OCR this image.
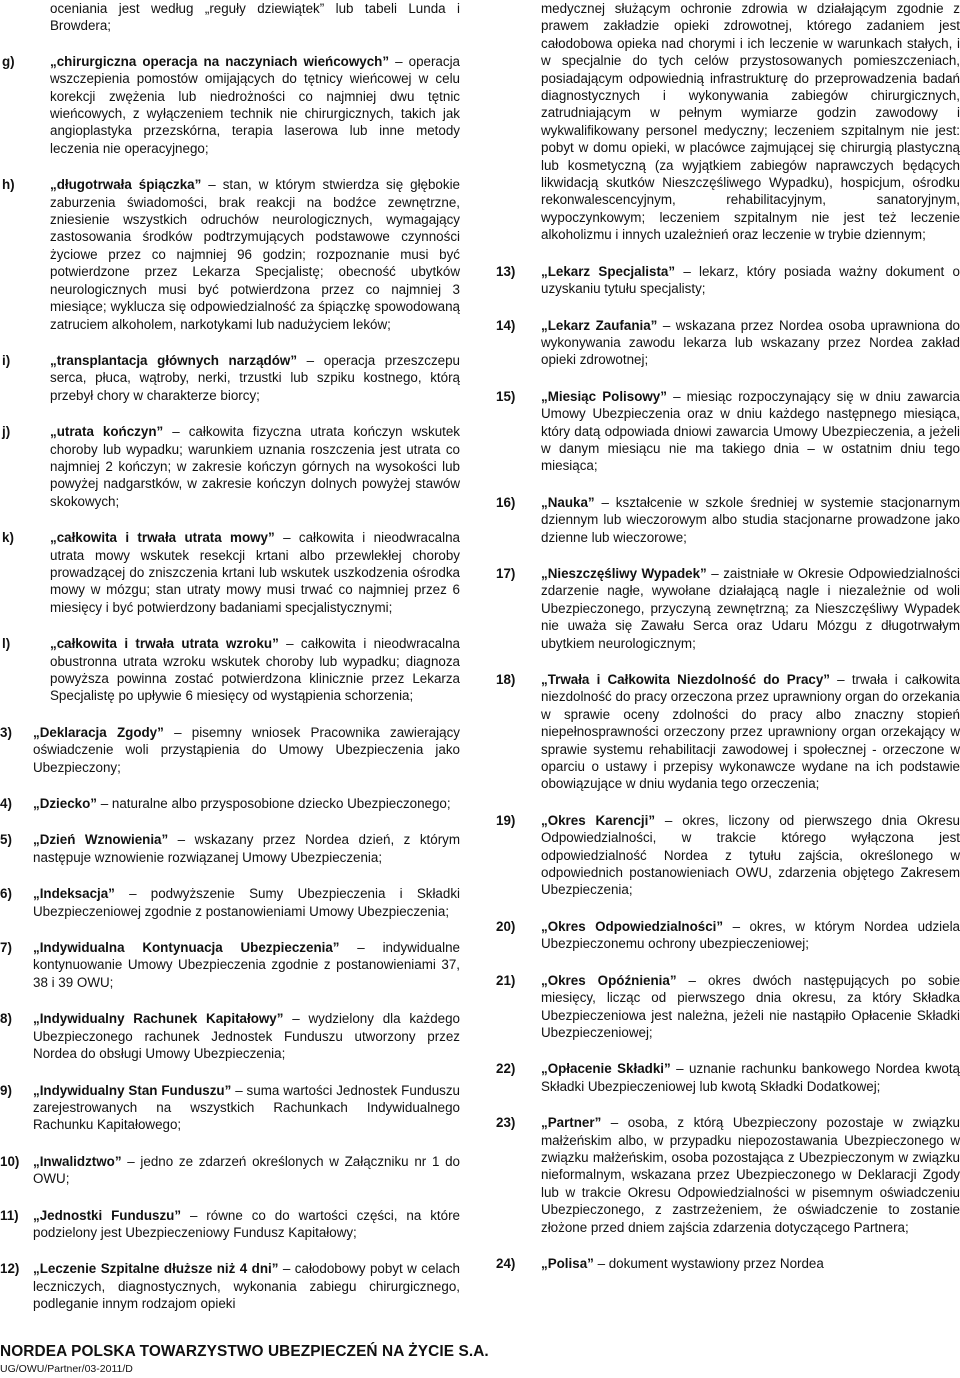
oceniania jest według „reguły dziewiątek” lub tabeli Lunda i Browdera;

g)	„chirurgiczna operacja na naczyniach wieńcowych” – operacja wszczepienia pomostów omijających do tętnicy wieńcowej w celu korekcji zwężenia lub niedrożności co najmniej dwu tętnic wieńcowych, z wyłączeniem technik nie chirurgicznych, takich jak angioplastyka przezskórna, terapia laserowa lub inne metody leczenia nie operacyjnego;

h)	„długotrwała śpiączka” – stan, w którym stwierdza się głębokie zaburzenia świadomości, brak reakcji na bodźce zewnętrzne, zniesienie wszystkich odruchów neurologicznych, wymagający zastosowania środków podtrzymujących podstawowe czynności życiowe przez co najmniej 96 godzin; rozpoznanie musi być potwierdzone przez Lekarza Specjalistę; obecność ubytków neurologicznych musi być potwierdzona przez co najmniej 3 miesiące; wyklucza się odpowiedzialność za śpiączkę spowodowaną zatruciem alkoholem, narkotykami lub nadużyciem leków;

i)	„transplantacja głównych narządów” – operacja przeszczepu serca, płuca, wątroby, nerki, trzustki lub szpiku kostnego, którą przebył chory w charakterze biorcy;

j)	„utrata kończyn” – całkowita fizyczna utrata kończyn wskutek choroby lub wypadku; warunkiem uznania roszczenia jest utrata co najmniej 2 kończyn; w zakresie kończyn górnych na wysokości lub powyżej nadgarstków, w zakresie kończyn dolnych powyżej stawów skokowych;

k)	„całkowita i trwała utrata mowy” – całkowita i nieodwracalna utrata mowy wskutek resekcji krtani albo przewlekłej choroby prowadzącej do zniszczenia krtani lub wskutek uszkodzenia ośrodka mowy w mózgu; stan utraty mowy musi trwać co najmniej przez 6 miesięcy i być potwierdzony badaniami specjalistycznymi;

l)	„całkowita i trwała utrata wzroku” – całkowita i nieodwracalna obustronna utrata wzroku wskutek choroby lub wypadku; diagnoza powyższa powinna zostać potwierdzona klinicznie przez Lekarza Specjalistę po upływie 6 miesięcy od wystąpienia schorzenia;

3) „Deklaracja Zgody” – pisemny wniosek Pracownika zawierający oświadczenie woli przystąpienia do Umowy Ubezpieczenia jako Ubezpieczony;

4) „Dziecko” – naturalne albo przysposobione dziecko Ubezpieczonego;

5) „Dzień Wznowienia” – wskazany przez Nordea dzień, z którym następuje wznowienie rozwiązanej Umowy Ubezpieczenia;

6) „Indeksacja” – podwyższenie Sumy Ubezpieczenia i Składki Ubezpieczeniowej zgodnie z postanowieniami Umowy Ubezpieczenia;

7) „Indywidualna Kontynuacja Ubezpieczenia” – indywidualne kontynuowanie Umowy Ubezpieczenia zgodnie z postanowieniami 37, 38 i 39 OWU;

8) „Indywidualny Rachunek Kapitałowy” – wydzielony dla każdego Ubezpieczonego rachunek Jednostek Funduszu utworzony przez Nordea do obsługi Umowy Ubezpieczenia;

9) „Indywidualny Stan Funduszu” – suma wartości Jednostek Funduszu zarejestrowanych na wszystkich Rachunkach Indywidualnego Rachunku Kapitałowego;

10) „Inwalidztwo” – jedno ze zdarzeń określonych w Załączniku nr 1 do OWU;

11) „Jednostki Funduszu” – równe co do wartości części, na które podzielony jest Ubezpieczeniowy Fundusz Kapitałowy;

12) „Leczenie Szpitalne dłuższe niż 4 dni” – całodobowy pobyt w celach leczniczych, diagnostycznych, wykonania zabiegu chirurgicznego, podleganie innym rodzajom opieki

medycznej służącym ochronie zdrowia w działającym zgodnie z prawem zakładzie opieki zdrowotnej, którego zadaniem jest całodobowa opieka nad chorymi i ich leczenie w warunkach stałych, i w specjalnie do tych celów przystosowanych pomieszczeniach, posiadającym odpowiednią infrastrukturę do przeprowadzenia badań diagnostycznych i wykonywania zabiegów chirurgicznych, zatrudniającym w pełnym wymiarze godzin zawodowy i wykwalifikowany personel medyczny; leczeniem szpitalnym nie jest: pobyt w domu opieki, w placówce zajmującej się chirurgią plastyczną lub kosmetyczną (za wyjątkiem zabiegów naprawczych będących likwidacją skutków Nieszczęśliwego Wypadku), hospicjum, ośrodku rekonwalescencyjnym, rehabilitacyjnym, sanatoryjnym, wypoczynkowym; leczeniem szpitalnym nie jest też leczenie alkoholizmu i innych uzależnień oraz leczenie w trybie dziennym;

13) „Lekarz Specjalista” – lekarz, który posiada ważny dokument o uzyskaniu tytułu specjalisty;

14) „Lekarz Zaufania” – wskazana przez Nordea osoba uprawniona do wykonywania zawodu lekarza lub wskazany przez Nordea zakład opieki zdrowotnej;

15) „Miesiąc Polisowy” – miesiąc rozpoczynający się w dniu zawarcia Umowy Ubezpieczenia oraz w dniu każdego następnego miesiąca, który datą odpowiada dniowi zawarcia Umowy Ubezpieczenia, a jeżeli w danym miesiącu nie ma takiego dnia – w ostatnim dniu tego miesiąca;

16) „Nauka” – kształcenie w szkole średniej w systemie stacjonarnym dziennym lub wieczorowym albo studia stacjonarne prowadzone jako dzienne lub wieczorowe;

17) „Nieszczęśliwy Wypadek” – zaistniałe w Okresie Odpowiedzialności zdarzenie nagłe, wywołane działającą nagle i niezależnie od woli Ubezpieczonego, przyczyną zewnętrzną; za Nieszczęśliwy Wypadek nie uważa się Zawału Serca oraz Udaru Mózgu z długotrwałym ubytkiem neurologicznym;

18) „Trwała i Całkowita Niezdolność do Pracy” – trwała i całkowita niezdolność do pracy orzeczona przez uprawniony organ do orzekania w sprawie oceny zdolności do pracy albo znaczny stopień niepełnosprawności orzeczony przez uprawniony organ orzekający w sprawie systemu rehabilitacji zawodowej i społecznej - orzeczone w oparciu o ustawy i przepisy wykonawcze wydane na ich podstawie obowiązujące w dniu wydania tego orzeczenia;

19) „Okres Karencji” – okres, liczony od pierwszego dnia Okresu Odpowiedzialności, w trakcie którego wyłączona jest odpowiedzialność Nordea z tytułu zajścia, określonego w odpowiednich postanowieniach OWU, zdarzenia objętego Zakresem Ubezpieczenia;

20) „Okres Odpowiedzialności” – okres, w którym Nordea udziela Ubezpieczonemu ochrony ubezpieczeniowej;

21) „Okres Opóźnienia” – okres dwóch następujących po sobie miesięcy, licząc od pierwszego dnia okresu, za który Składka Ubezpieczeniowa jest należna, jeżeli nie nastąpiło Opłacenie Składki Ubezpieczeniowej;

22) „Opłacenie Składki” – uznanie rachunku bankowego Nordea kwotą Składki Ubezpieczeniowej lub kwotą Składki Dodatkowej;

23) „Partner” – osoba, z którą Ubezpieczony pozostaje w związku małżeńskim albo, w przypadku niepozostawania Ubezpieczonego w związku małżeńskim, osoba pozostająca z Ubezpieczonym w związku nieformalnym, wskazana przez Ubezpieczonego w Deklaracji Zgody lub w trakcie Okresu Odpowiedzialności w pisemnym oświadczeniu Ubezpieczonego, z zastrzeżeniem, że oświadczenie to zostanie złożone przed dniem zajścia zdarzenia dotyczącego Partnera;

24) „Polisa” – dokument wystawiony przez Nordea

NORDEA POLSKA TOWARZYSTWO UBEZPIECZEŃ NA ŻYCIE S.A.
UG/OWU/Partner/03-2011/D
